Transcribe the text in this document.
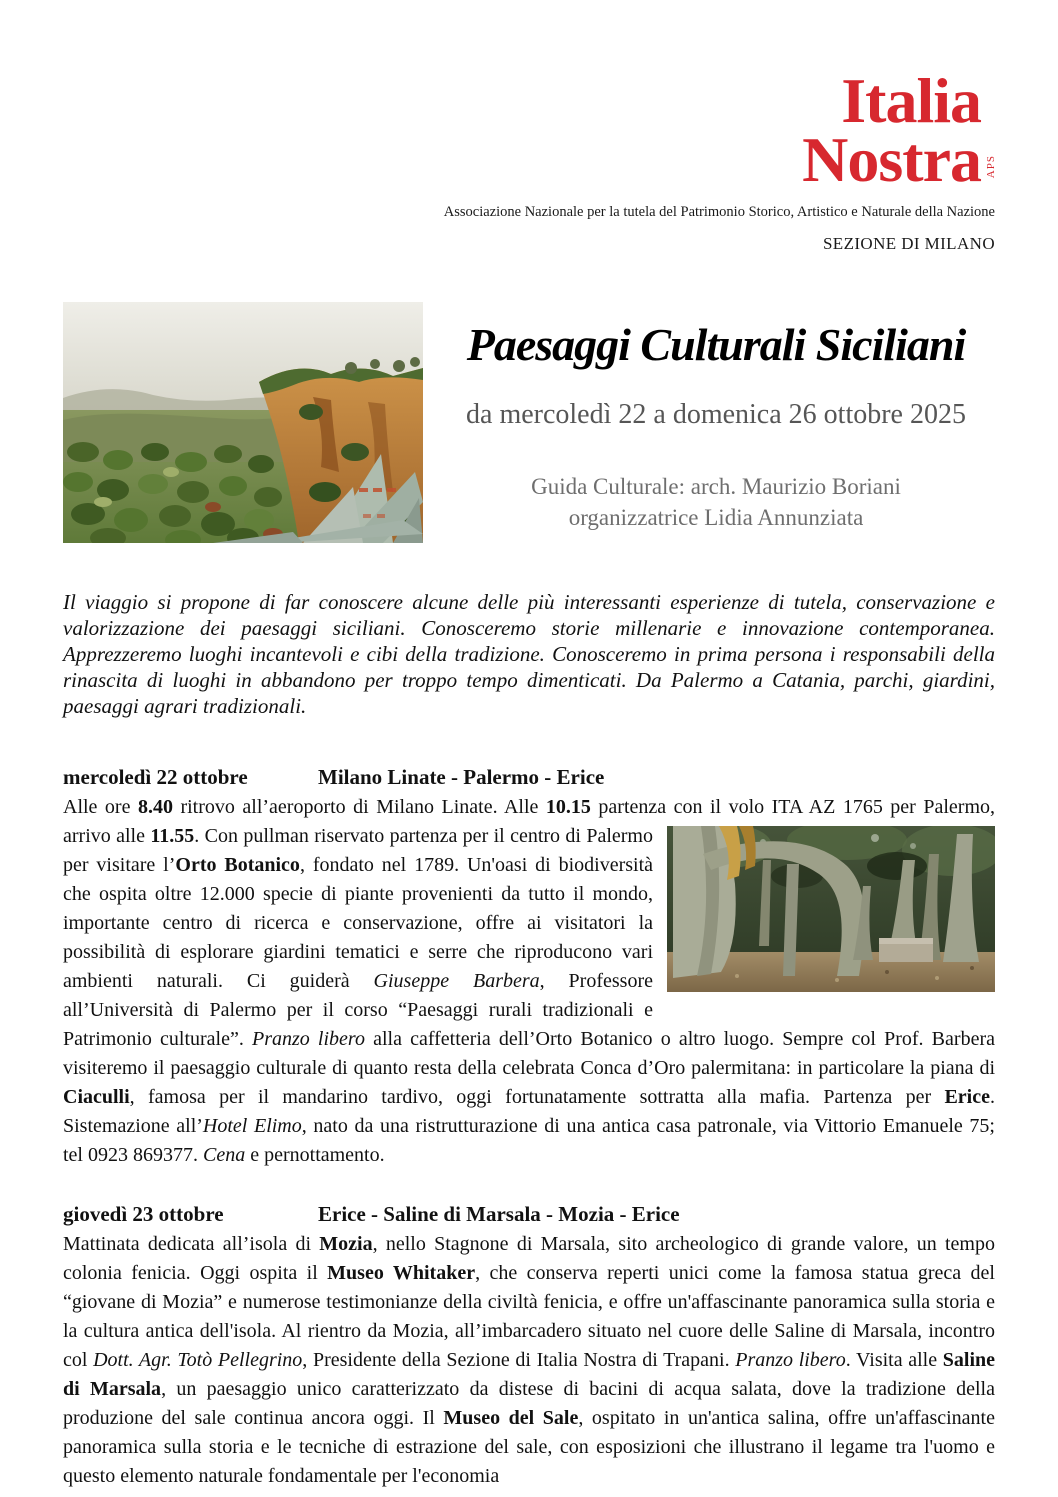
Italia
Nostra APS
Associazione Nazionale per la tutela del Patrimonio Storico, Artistico e Naturale della Nazione
SEZIONE DI MILANO
Paesaggi Culturali Siciliani
da mercoledì 22 a domenica 26 ottobre 2025
Guida Culturale: arch. Maurizio Boriani
organizzatrice Lidia Annunziata

Il viaggio si propone di far conoscere alcune delle più interessanti esperienze di tutela, conservazione e valorizzazione dei paesaggi siciliani. Conosceremo storie millenarie e innovazione contemporanea. Apprezzeremo luoghi incantevoli e cibi della tradizione. Conosceremo in prima persona i responsabili della rinascita di luoghi in abbandono per troppo tempo dimenticati. Da Palermo a Catania, parchi, giardini, paesaggi agrari tradizionali.

mercoledì 22 ottobre	Milano Linate - Palermo - Erice

Alle ore 8.40 ritrovo all’aeroporto di Milano Linate. Alle 10.15 partenza con il volo ITA AZ 1765 per
Palermo, arrivo alle 11.55. Con pullman riservato partenza per il centro di Palermo per visitare l’Orto Botanico, fondato nel 1789. Un'oasi di biodiversità che ospita oltre 12.000 specie di piante provenienti da tutto il mondo, importante centro di ricerca e conservazione, offre ai visitatori la possibilità di esplorare giardini tematici e serre che riproducono vari ambienti naturali. Ci guiderà Giuseppe Barbera, Professore all’Università di Palermo per il corso “Paesaggi rurali tradizionali e Patrimonio culturale”. Pranzo libero alla caffetteria dell’Orto Botanico o altro luogo. Sempre col Prof. Barbera visiteremo il paesaggio culturale di quanto resta della celebrata Conca d’Oro palermitana: in particolare la piana di Ciaculli, famosa per il mandarino tardivo, oggi fortunatamente sottratta alla mafia. Partenza per Erice. Sistemazione all’Hotel Elimo, nato da una ristrutturazione di una antica casa patronale, via Vittorio Emanuele 75; tel 0923 869377. Cena e pernottamento.

giovedì 23 ottobre	Erice - Saline di Marsala - Mozia - Erice

Mattinata dedicata all’isola di Mozia, nello Stagnone di Marsala, sito archeologico di grande valore, un tempo colonia fenicia. Oggi ospita il Museo Whitaker, che conserva reperti unici come la famosa statua greca del “giovane di Mozia” e numerose testimonianze della civiltà fenicia, e offre un'affascinante panoramica sulla storia e la cultura antica dell'isola. Al rientro da Mozia, all’imbarcadero situato nel cuore delle Saline di Marsala, incontro col Dott. Agr. Totò Pellegrino, Presidente della Sezione di Italia Nostra di Trapani. Pranzo libero. Visita alle Saline di Marsala, un paesaggio unico caratterizzato da distese di bacini di acqua salata, dove la tradizione della produzione del sale continua ancora oggi. Il Museo del Sale, ospitato in un'antica salina, offre un'affascinante panoramica sulla storia e le tecniche di estrazione del sale, con esposizioni che illustrano il legame tra l'uomo e questo elemento naturale fondamentale per l'economia
